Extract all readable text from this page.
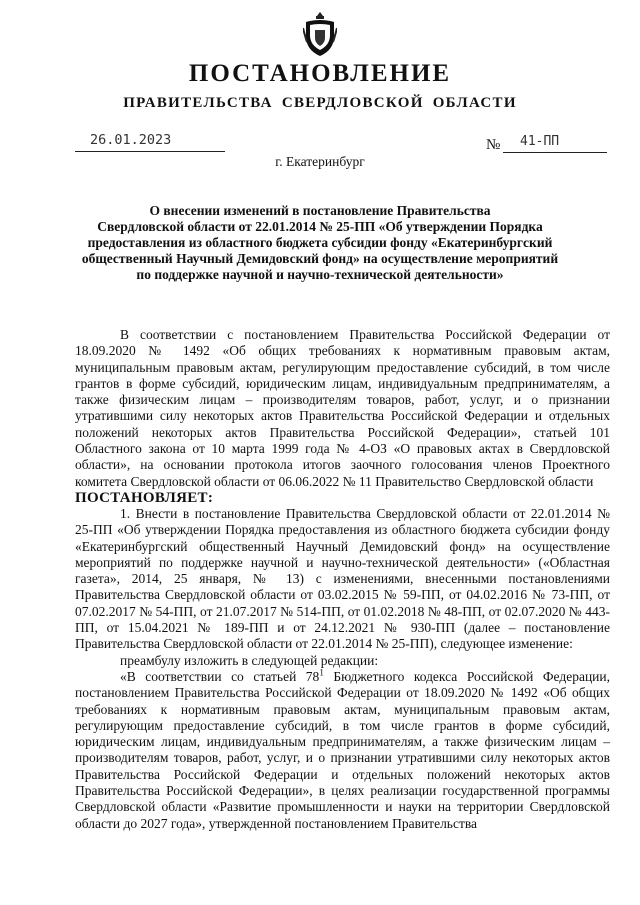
ПОСТАНОВЛЕНИЕ
ПРАВИТЕЛЬСТВА СВЕРДЛОВСКОЙ ОБЛАСТИ
26.01.2023	№	41-ПП
г. Екатеринбург
О внесении изменений в постановление Правительства
Свердловской области от 22.01.2014 № 25-ПП «Об утверждении Порядка
предоставления из областного бюджета субсидии фонду «Екатеринбургский
общественный Научный Демидовский фонд» на осуществление мероприятий
по поддержке научной и научно-технической деятельности»

В соответствии с постановлением Правительства Российской Федерации от 18.09.2020 № 1492 «Об общих требованиях к нормативным правовым актам, муниципальным правовым актам, регулирующим предоставление субсидий, в том числе грантов в форме субсидий, юридическим лицам, индивидуальным предпринимателям, а также физическим лицам – производителям товаров, работ, услуг, и о признании утратившими силу некоторых актов Правительства Российской Федерации и отдельных положений некоторых актов Правительства Российской Федерации», статьей 101 Областного закона от 10 марта 1999 года № 4-ОЗ «О правовых актах в Свердловской области», на основании протокола итогов заочного голосования членов Проектного комитета Свердловской области от 06.06.2022 № 11 Правительство Свердловской области

ПОСТАНОВЛЯЕТ:

1. Внести в постановление Правительства Свердловской области от 22.01.2014 № 25-ПП «Об утверждении Порядка предоставления из областного бюджета субсидии фонду «Екатеринбургский общественный Научный Демидовский фонд» на осуществление мероприятий по поддержке научной и научно-технической деятельности» («Областная газета», 2014, 25 января, № 13) с изменениями, внесенными постановлениями Правительства Свердловской области от 03.02.2015 № 59-ПП, от 04.02.2016 № 73-ПП, от 07.02.2017 № 54-ПП, от 21.07.2017 № 514-ПП, от 01.02.2018 № 48-ПП, от 02.07.2020 № 443-ПП, от 15.04.2021 № 189-ПП и от 24.12.2021 № 930-ПП (далее – постановление Правительства Свердловской области от 22.01.2014 № 25-ПП), следующее изменение:

преамбулу изложить в следующей редакции:

«В соответствии со статьей $78^1$ Бюджетного кодекса Российской Федерации, постановлением Правительства Российской Федерации от 18.09.2020 № 1492 «Об общих требованиях к нормативным правовым актам, муниципальным правовым актам, регулирующим предоставление субсидий, в том числе грантов в форме субсидий, юридическим лицам, индивидуальным предпринимателям, а также физическим лицам – производителям товаров, работ, услуг, и о признании утратившими силу некоторых актов Правительства Российской Федерации и отдельных положений некоторых актов Правительства Российской Федерации», в целях реализации государственной программы Свердловской области «Развитие промышленности и науки на территории Свердловской области до 2027 года», утвержденной постановлением Правительства
